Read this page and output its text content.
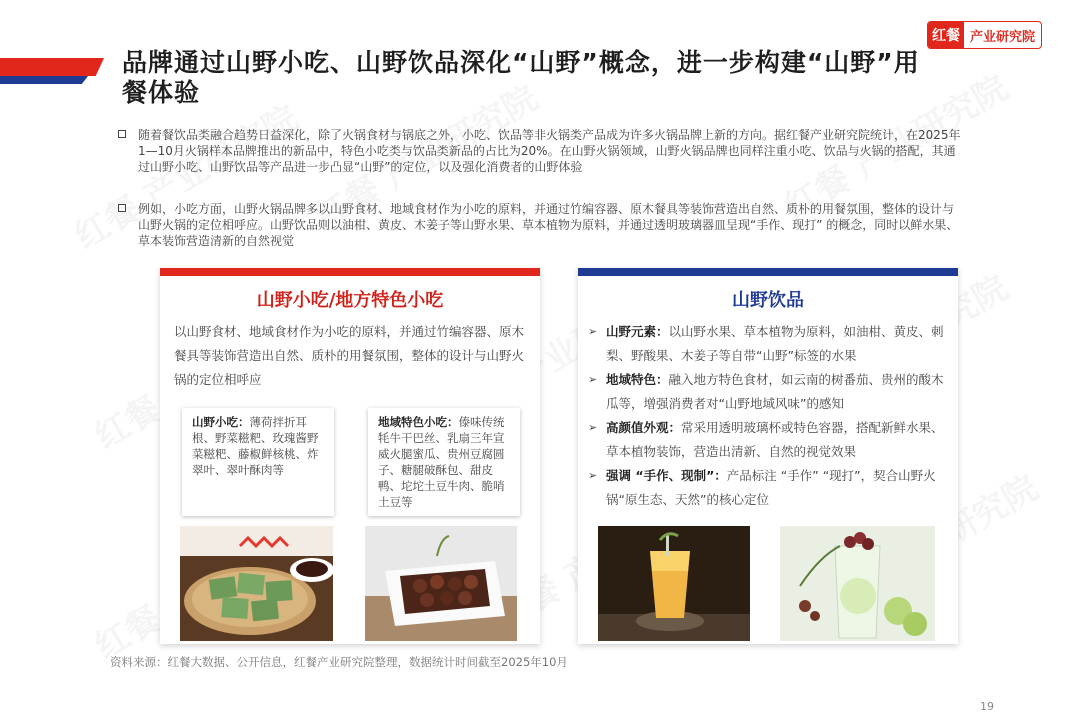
红餐 产业研究院
品牌通过山野小吃、山野饮品深化“山野”概念，进一步构建“山野”用餐体验
随着餐饮品类融合趋势日益深化，除了火锅食材与锅底之外，小吃、饮品等非火锅类产品成为许多火锅品牌上新的方向。据红餐产业研究院统计，在2025年1—10月火锅样本品牌推出的新品中，特色小吃类与饮品类新品的占比为20%。在山野火锅领域，山野火锅品牌也同样注重小吃、饮品与火锅的搭配，其通过山野小吃、山野饮品等产品进一步凸显“山野”的定位，以及强化消费者的山野体验
例如，小吃方面，山野火锅品牌多以山野食材、地域食材作为小吃的原料，并通过竹编容器、原木餐具等装饰营造出自然、质朴的用餐氛围，整体的设计与山野火锅的定位相呼应。山野饮品则以油柑、黄皮、木姜子等山野水果、草本植物为原料，并通过透明玻璃器皿呈现“手作、现打” 的概念，同时以鲜水果、草本装饰营造清新的自然视觉
山野小吃/地方特色小吃
以山野食材、地域食材作为小吃的原料，并通过竹编容器、原木餐具等装饰营造出自然、质朴的用餐氛围，整体的设计与山野火锅的定位相呼应
山野小吃：薄荷拌折耳根、野菜糍粑、玫瑰酱野菜糍粑、藤椒鲜核桃、炸翠叶、翠叶酥肉等
地域特色小吃：傣味传统牦牛干巴丝、乳扇三年宣威火腿蜜瓜、贵州豆腐圆子、糖腿破酥包、甜皮鸭、坨坨土豆牛肉、脆哨土豆等
山野饮品
➢ 山野元素：以山野水果、草本植物为原料，如油柑、黄皮、刺梨、野酸果、木姜子等自带“山野”标签的水果
➢ 地域特色：融入地方特色食材，如云南的树番茄、贵州的酸木瓜等，增强消费者对“山野地域风味”的感知
➢ 高颜值外观：常采用透明玻璃杯或特色容器，搭配新鲜水果、草本植物装饰，营造出清新、自然的视觉效果
➢ 强调 “手作、现制”：产品标注 “手作” “现打”，契合山野火锅“原生态、天然”的核心定位
资料来源：红餐大数据、公开信息，红餐产业研究院整理，数据统计时间截至2025年10月
19
